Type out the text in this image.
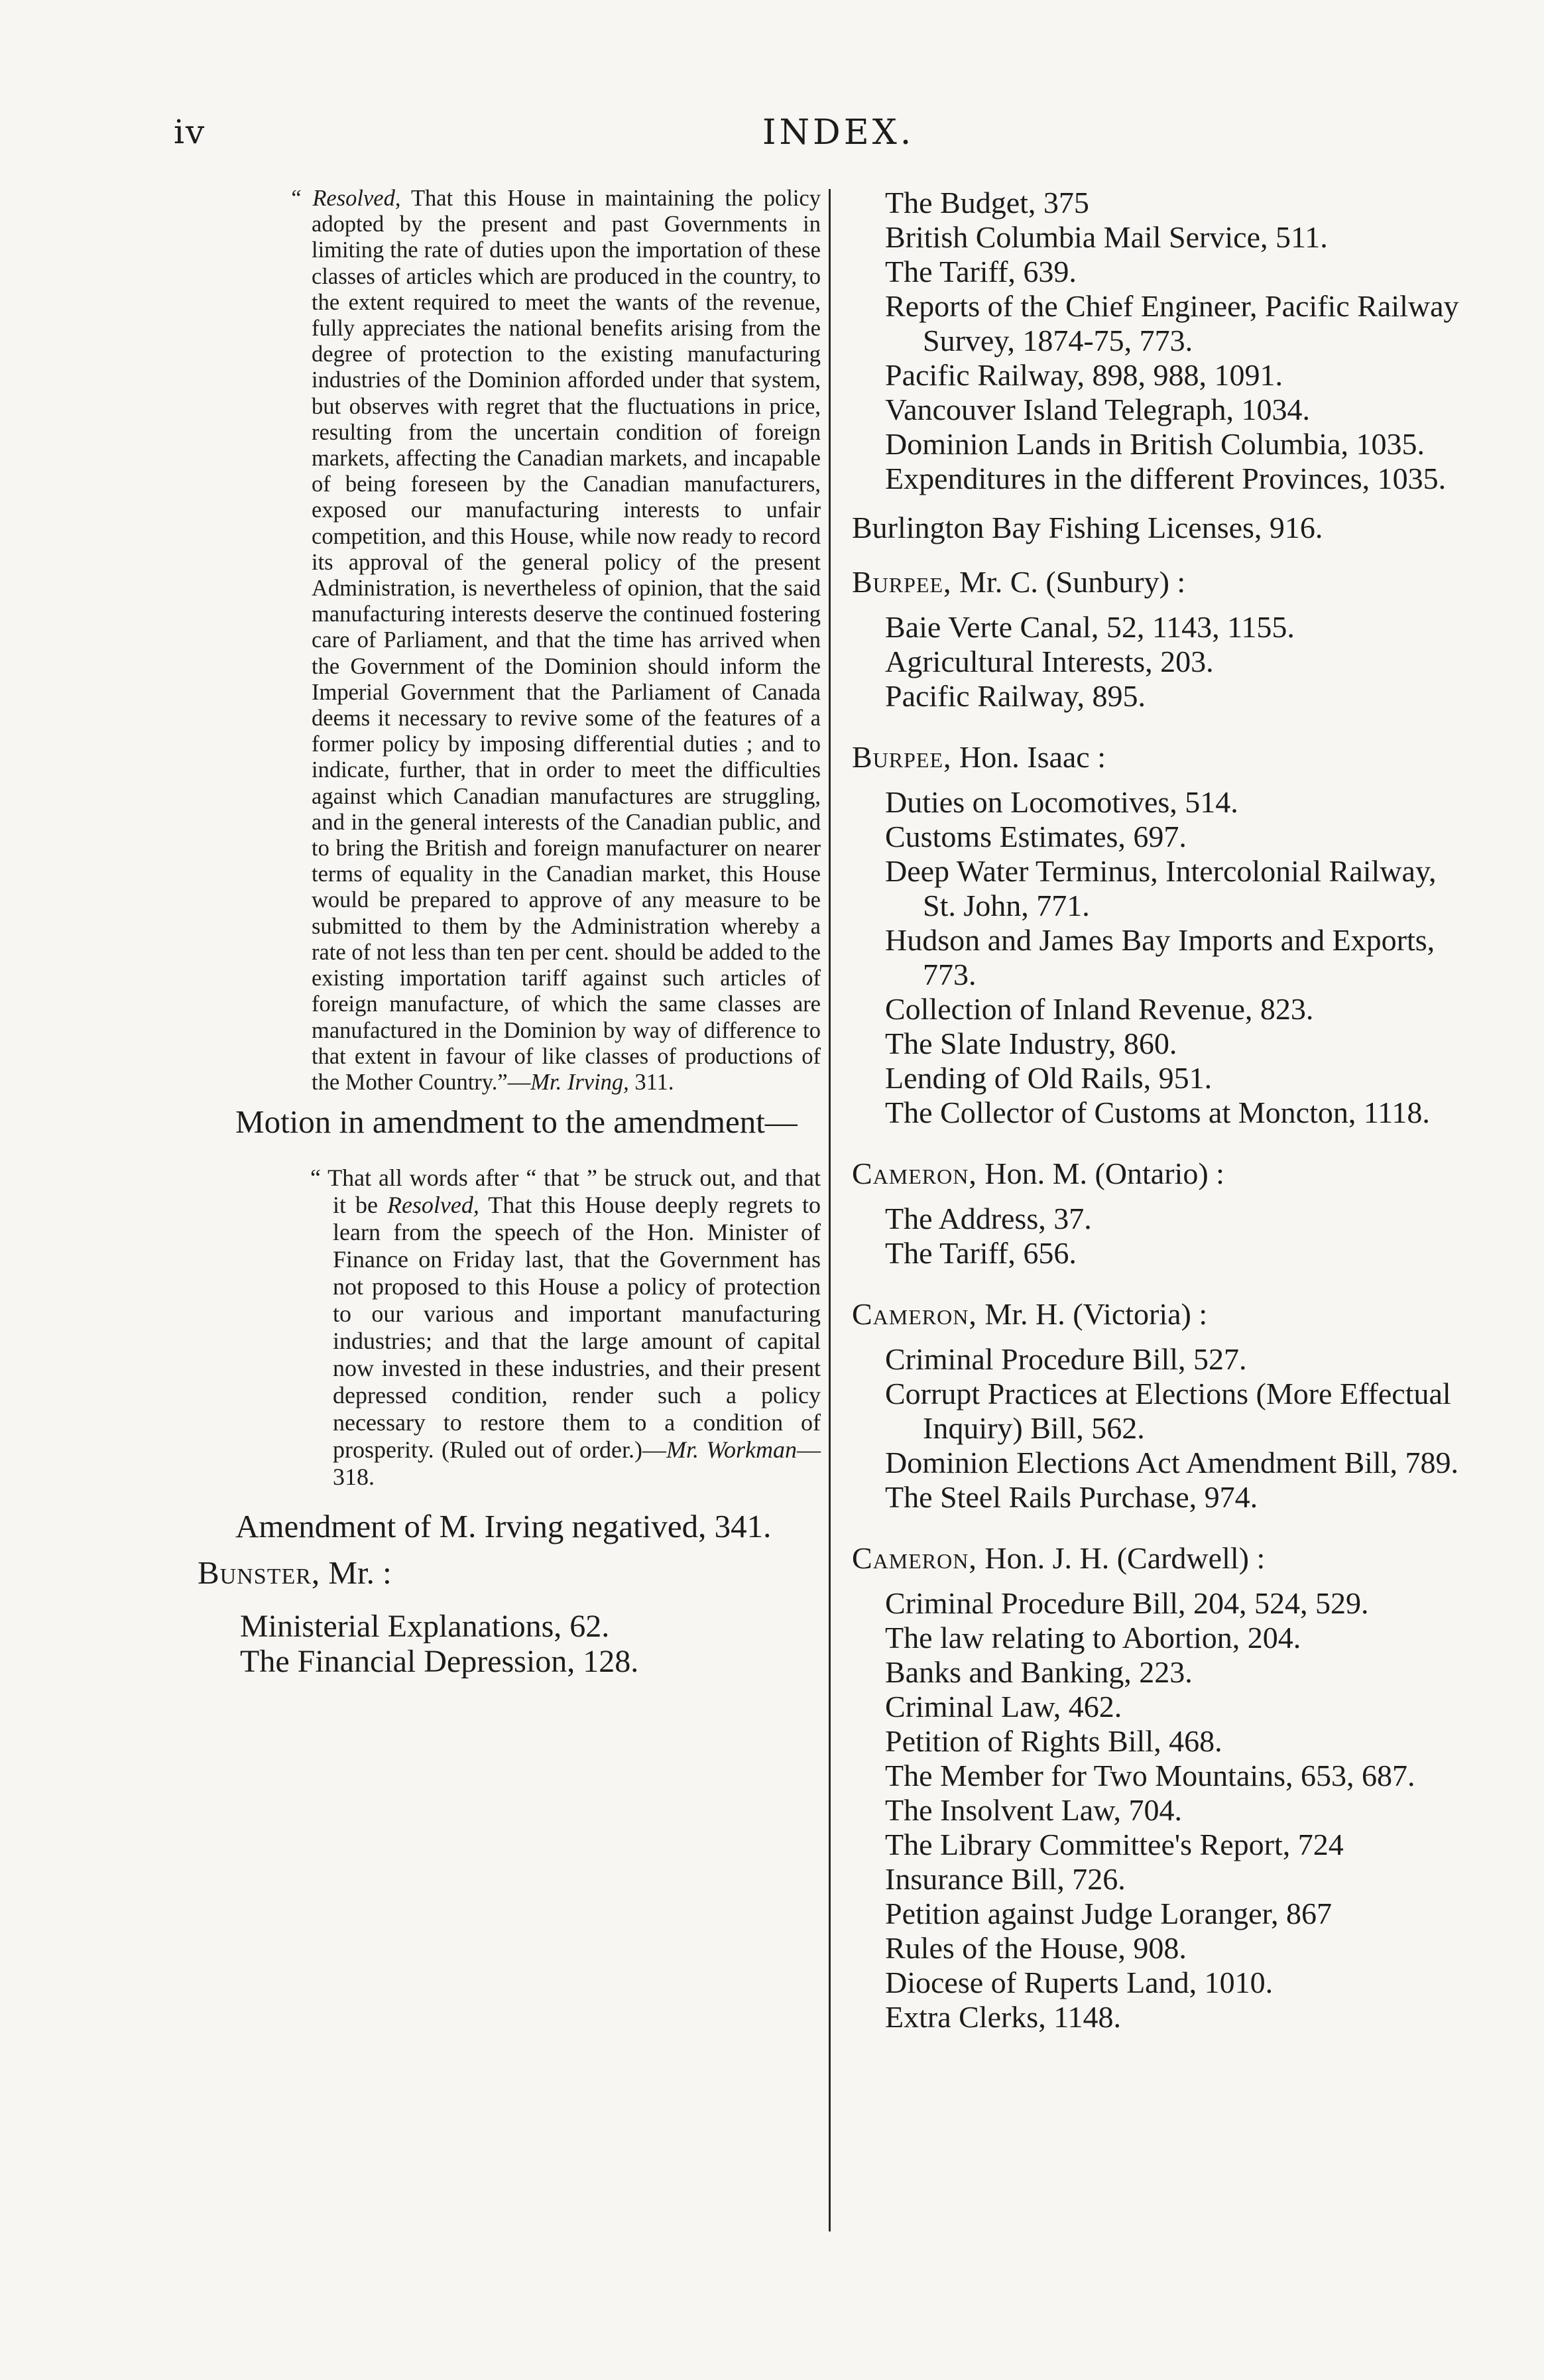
iv	INDEX.

“ Resolved, That this House in maintaining the policy adopted by the present and past Governments in limiting the rate of duties upon the importation of these classes of articles which are produced in the country, to the extent required to meet the wants of the revenue, fully appreciates the national benefits arising from the degree of protection to the existing manufacturing industries of the Dominion afforded under that system, but observes with regret that the fluctuations in price, resulting from the uncertain condition of foreign markets, affecting the Canadian markets, and incapable of being foreseen by the Canadian manufacturers, exposed our manufacturing interests to unfair competition, and this House, while now ready to record its approval of the general policy of the present Administration, is nevertheless of opinion, that the said manufacturing interests deserve the continued fostering care of Parliament, and that the time has arrived when the Government of the Dominion should inform the Imperial Government that the Parliament of Canada deems it necessary to revive some of the features of a former policy by imposing differential duties ; and to indicate, further, that in order to meet the difficulties against which Canadian manufactures are struggling, and in the general interests of the Canadian public, and to bring the British and foreign manufacturer on nearer terms of equality in the Canadian market, this House would be prepared to approve of any measure to be submitted to them by the Administration whereby a rate of not less than ten per cent. should be added to the existing importation tariff against such articles of foreign manufacture, of which the same classes are manufactured in the Dominion by way of difference to that extent in favour of like classes of productions of the Mother Country.”—Mr. Irving, 311.

Motion in amendment to the amendment—

“ That all words after “ that ” be struck out, and that it be Resolved, That this House deeply regrets to learn from the speech of the Hon. Minister of Finance on Friday last, that the Government has not proposed to this House a policy of protection to our various and important manufacturing industries; and that the large amount of capital now invested in these industries, and their present depressed condition, render such a policy necessary to restore them to a condition of prosperity. (Ruled out of order.)—Mr. Workman—318.

Amendment of M. Irving negatived, 341.

Bunster, Mr. :

Ministerial Explanations, 62.

The Financial Depression, 128.

The Budget, 375
British Columbia Mail Service, 511.
The Tariff, 639.
Reports of the Chief Engineer, Pacific Railway Survey, 1874-75, 773.
Pacific Railway, 898, 988, 1091.
Vancouver Island Telegraph, 1034.
Dominion Lands in British Columbia, 1035.
Expenditures in the different Provinces, 1035.

Burlington Bay Fishing Licenses, 916.

Burpee, Mr. C. (Sunbury) :

Baie Verte Canal, 52, 1143, 1155.
Agricultural Interests, 203.
Pacific Railway, 895.

Burpee, Hon. Isaac :

Duties on Locomotives, 514.
Customs Estimates, 697.
Deep Water Terminus, Intercolonial Railway, St. John, 771.
Hudson and James Bay Imports and Exports, 773.
Collection of Inland Revenue, 823.
The Slate Industry, 860.
Lending of Old Rails, 951.
The Collector of Customs at Moncton, 1118.

Cameron, Hon. M. (Ontario) :

The Address, 37.
The Tariff, 656.

Cameron, Mr. H. (Victoria) :

Criminal Procedure Bill, 527.
Corrupt Practices at Elections (More Effectual Inquiry) Bill, 562.
Dominion Elections Act Amendment Bill, 789.
The Steel Rails Purchase, 974.

Cameron, Hon. J. H. (Cardwell) :

Criminal Procedure Bill, 204, 524, 529.
The law relating to Abortion, 204.
Banks and Banking, 223.
Criminal Law, 462.
Petition of Rights Bill, 468.
The Member for Two Mountains, 653, 687.
The Insolvent Law, 704.
The Library Committee's Report, 724
Insurance Bill, 726.
Petition against Judge Loranger, 867
Rules of the House, 908.
Diocese of Ruperts Land, 1010.
Extra Clerks, 1148.
